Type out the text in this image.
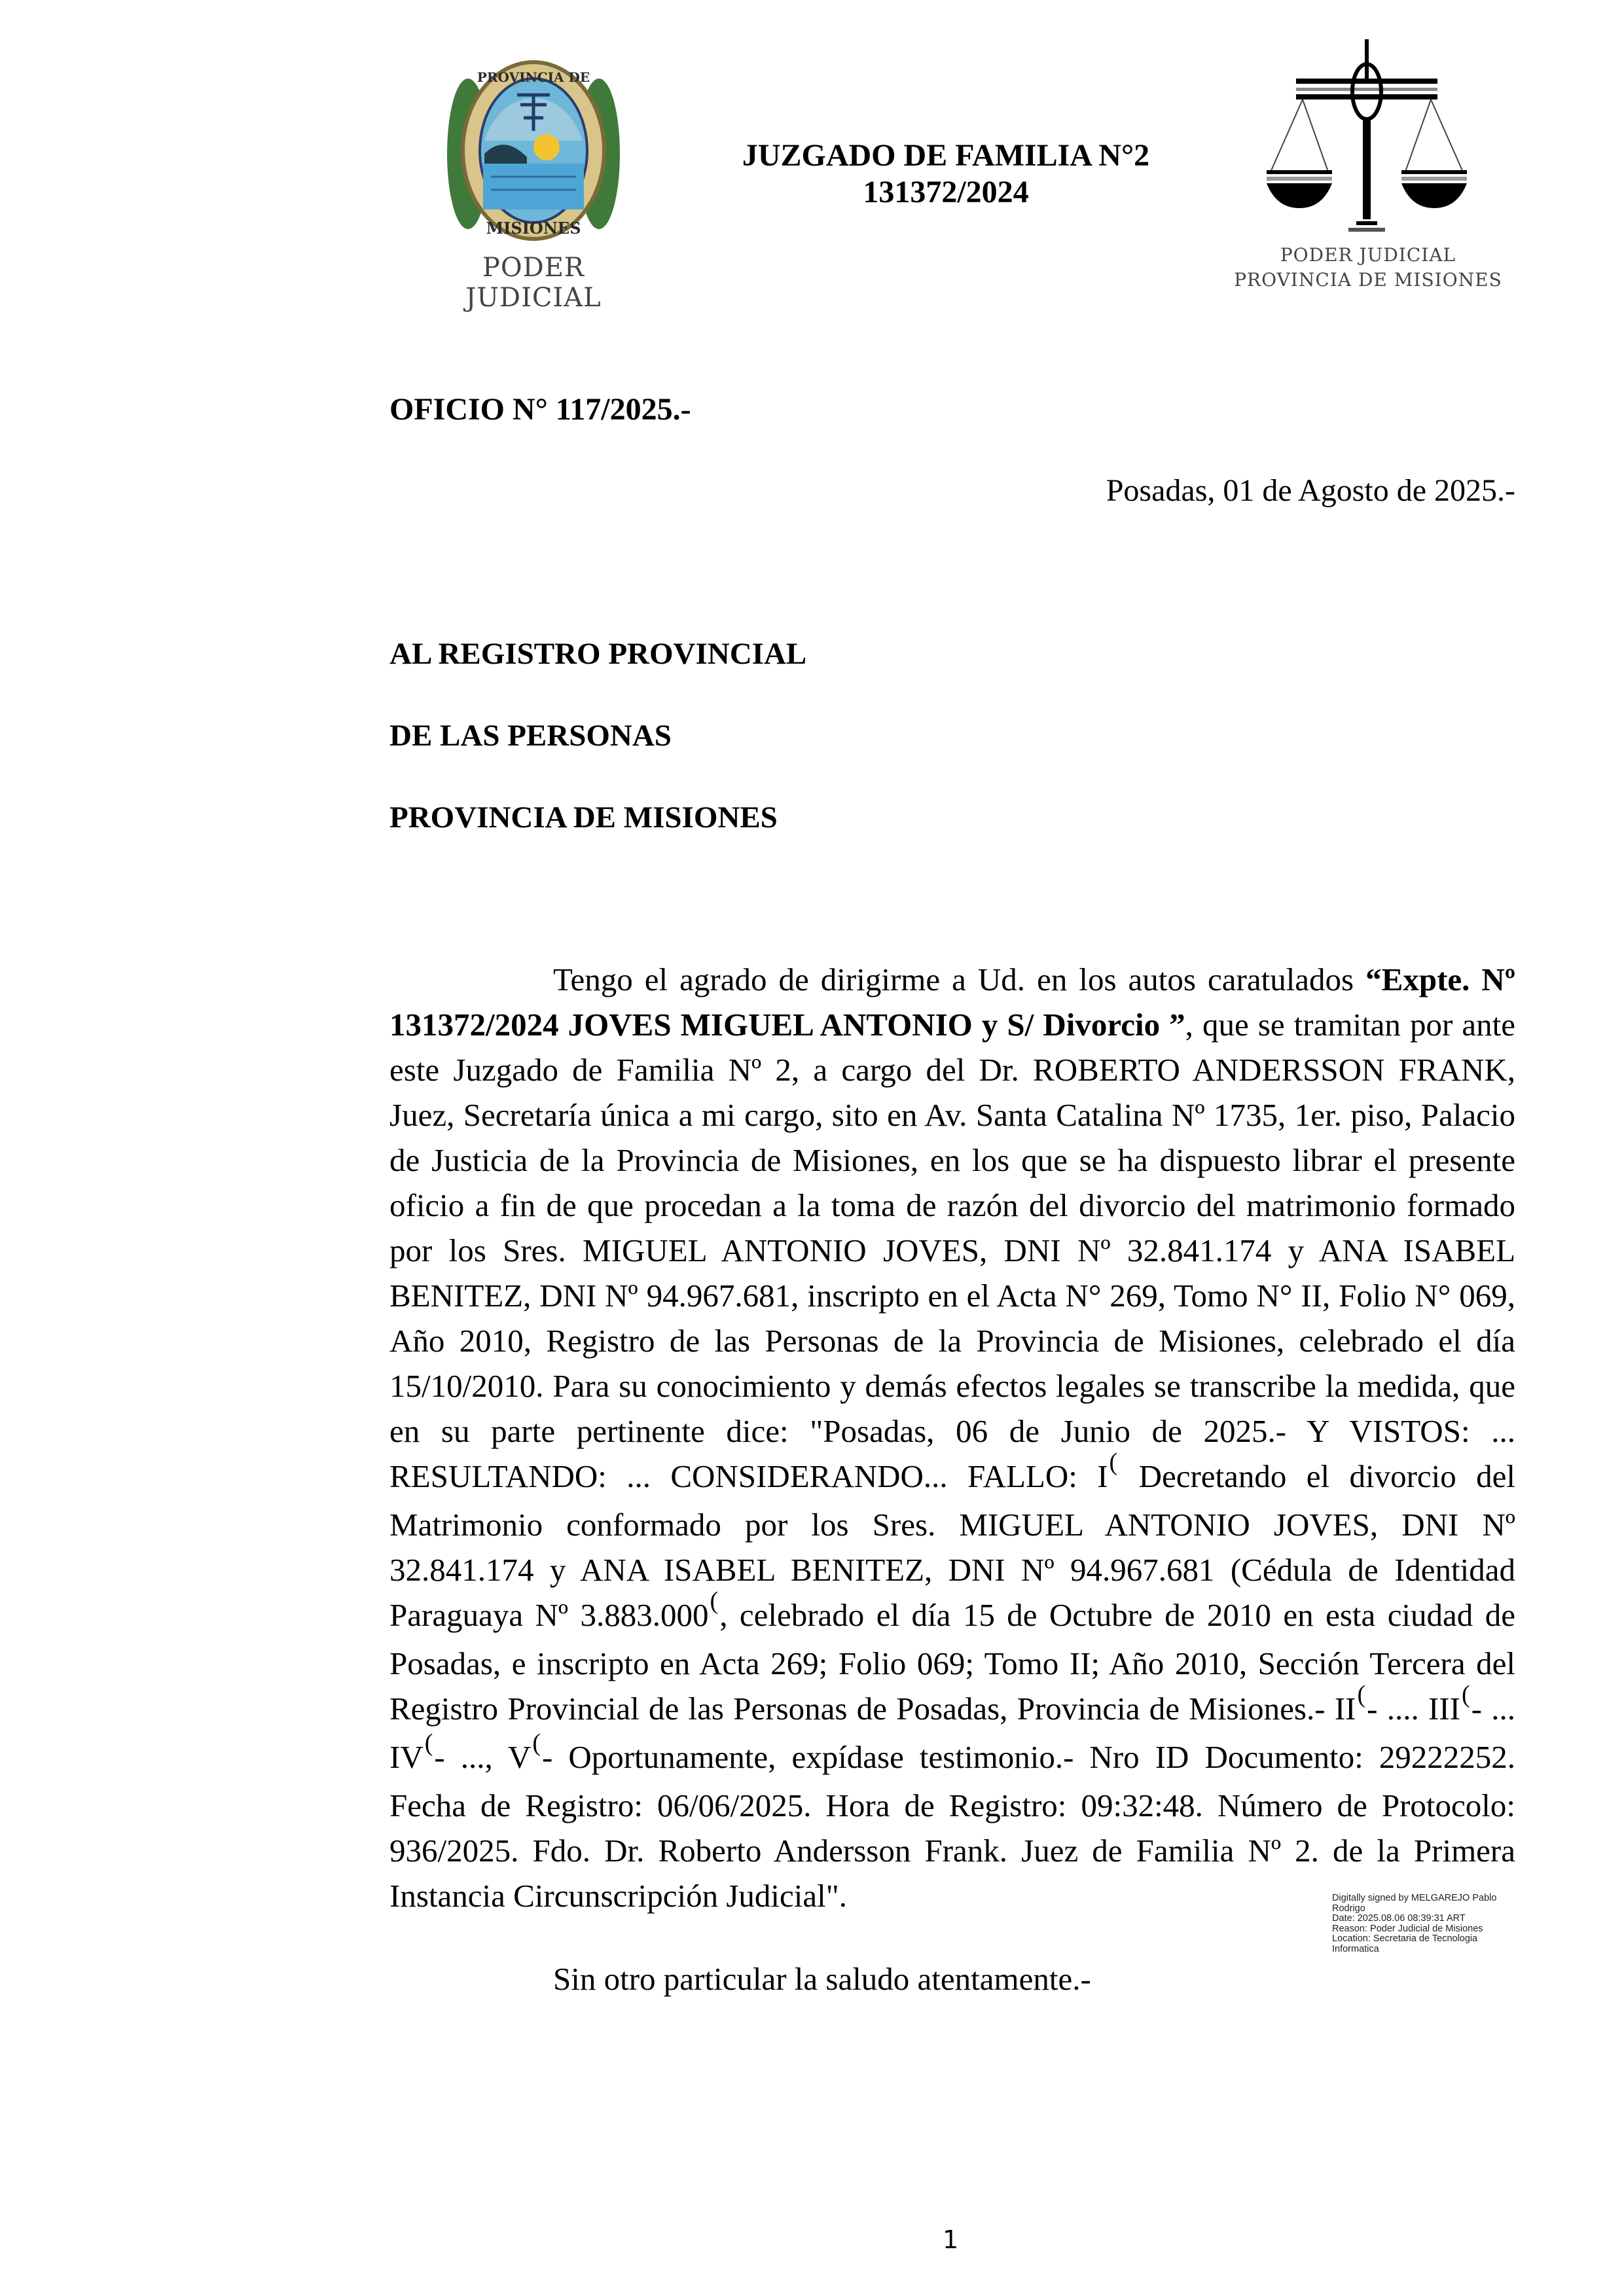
PROVINCIA DE
MISIONES
PODER JUDICIAL
JUZGADO DE FAMILIA N°2
131372/2024
PODER JUDICIAL
PROVINCIA DE MISIONES
OFICIO N° 117/2025.-
Posadas, 01 de Agosto de 2025.-
AL REGISTRO PROVINCIAL
DE LAS PERSONAS
PROVINCIA DE MISIONES
Tengo el agrado de dirigirme a Ud. en los autos caratulados “Expte. Nº 131372/2024 JOVES MIGUEL ANTONIO y S/ Divorcio ”, que se tramitan por ante este Juzgado de Familia Nº 2, a cargo del Dr. ROBERTO ANDERSSON FRANK, Juez, Secretaría única a mi cargo, sito en Av. Santa Catalina Nº 1735, 1er. piso, Palacio de Justicia de la Provincia de Misiones, en los que se ha dispuesto librar el presente oficio a fin de que procedan a la toma de razón del divorcio del matrimonio formado por los Sres. MIGUEL ANTONIO JOVES, DNI Nº 32.841.174 y ANA ISABEL BENITEZ, DNI Nº 94.967.681, inscripto en el Acta N° 269, Tomo N° II, Folio N° 069, Año 2010, Registro de las Personas de la Provincia de Misiones, celebrado el día 15/10/2010. Para su conocimiento y demás efectos legales se transcribe la medida, que en su parte pertinente dice: "Posadas, 06 de Junio de 2025.- Y VISTOS: ... RESULTANDO: ... CONSIDERANDO... FALLO: I( Decretando el divorcio del Matrimonio conformado por los Sres. MIGUEL ANTONIO JOVES, DNI Nº 32.841.174 y ANA ISABEL BENITEZ, DNI Nº 94.967.681 (Cédula de Identidad Paraguaya Nº 3.883.000(, celebrado el día 15 de Octubre de 2010 en esta ciudad de Posadas, e inscripto en Acta 269; Folio 069; Tomo II; Año 2010, Sección Tercera del Registro Provincial de las Personas de Posadas, Provincia de Misiones.- II(- .... III(- ... IV(- ..., V(- Oportunamente, expídase testimonio.- Nro ID Documento: 29222252. Fecha de Registro: 06/06/2025. Hora de Registro: 09:32:48. Número de Protocolo: 936/2025. Fdo. Dr. Roberto Andersson Frank. Juez de Familia Nº 2. de la Primera Instancia Circunscripción Judicial".	Digitally signed by MELGAREJO Pablo
Rodrigo
Date: 2025.08.06 08:39:31 ART
Reason: Poder Judicial de Misiones
Location: Secretaria de Tecnologia
Informatica
Sin otro particular la saludo atentamente.-
1
